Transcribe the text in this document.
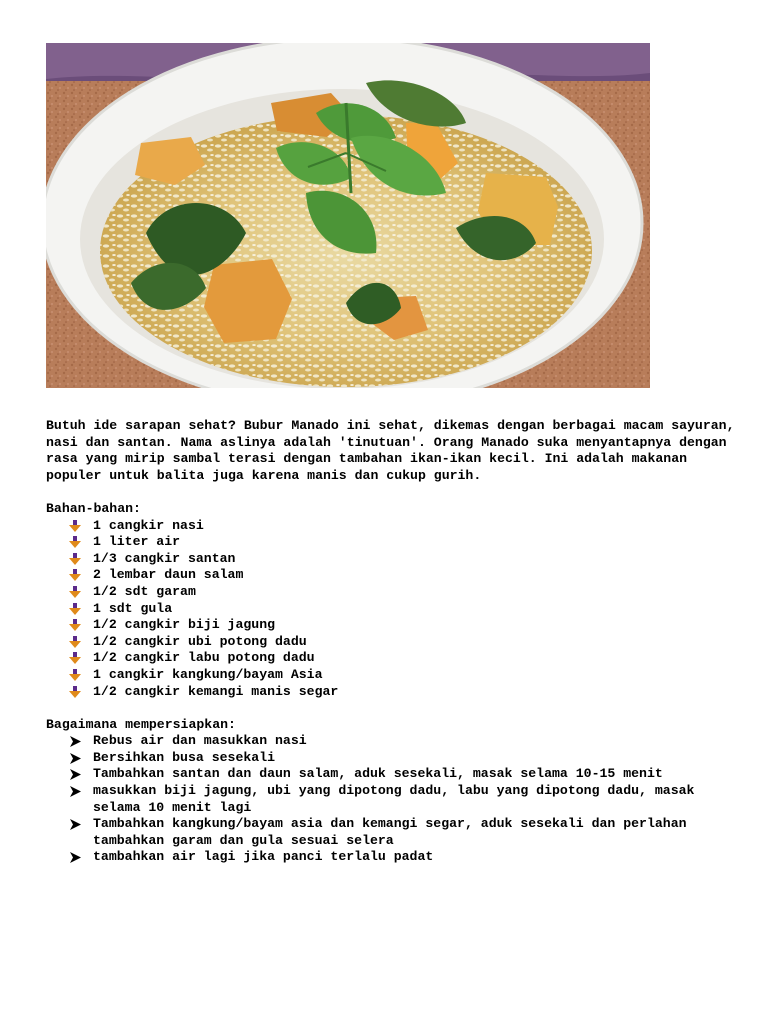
Butuh ide sarapan sehat? Bubur Manado ini sehat, dikemas dengan berbagai macam sayuran, nasi dan santan. Nama aslinya adalah 'tinutuan'. Orang Manado suka menyantapnya dengan rasa yang mirip sambal terasi dengan tambahan ikan-ikan kecil. Ini adalah makanan populer untuk balita juga karena manis dan cukup gurih.

Bahan-bahan:
1 cangkir nasi
1 liter air
1/3 cangkir santan
2 lembar daun salam
1/2 sdt garam
1 sdt gula
1/2 cangkir biji jagung
1/2 cangkir ubi potong dadu
1/2 cangkir labu potong dadu
1 cangkir kangkung/bayam Asia
1/2 cangkir kemangi manis segar
Bagaimana mempersiapkan:
Rebus air dan masukkan nasi
Bersihkan busa sesekali
Tambahkan santan dan daun salam, aduk sesekali, masak selama 10-15 menit
masukkan biji jagung, ubi yang dipotong dadu, labu yang dipotong dadu, masak selama 10 menit lagi
Tambahkan kangkung/bayam asia dan kemangi segar, aduk sesekali dan perlahan tambahkan garam dan gula sesuai selera
tambahkan air lagi jika panci terlalu padat
